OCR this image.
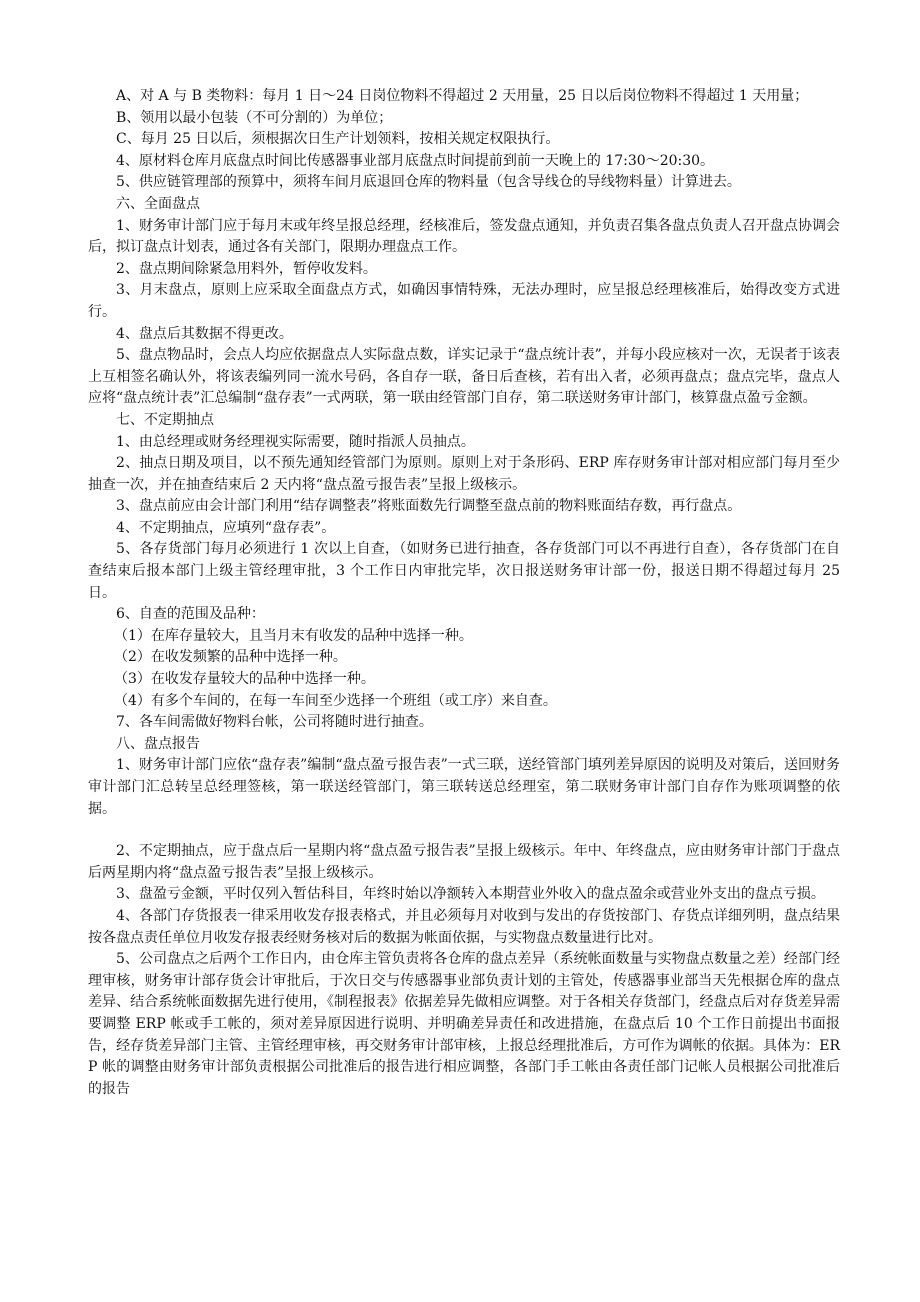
A、对 A 与 B 类物料：每月 1 日～24 日岗位物料不得超过 2 天用量，25 日以后岗位物料不得超过 1 天用量；

B、领用以最小包装（不可分割的）为单位；

C、每月 25 日以后，须根据次日生产计划领料，按相关规定权限执行。

4、原材料仓库月底盘点时间比传感器事业部月底盘点时间提前到前一天晚上的 17:30～20:30。

5、供应链管理部的预算中，须将车间月底退回仓库的物料量（包含导线仓的导线物料量）计算进去。

六、全面盘点

1、财务审计部门应于每月末或年终呈报总经理，经核准后，签发盘点通知，并负责召集各盘点负责人召开盘点协调会后，拟订盘点计划表，通过各有关部门，限期办理盘点工作。

2、盘点期间除紧急用料外，暂停收发料。

3、月末盘点，原则上应采取全面盘点方式，如确因事情特殊，无法办理时，应呈报总经理核准后，始得改变方式进行。

4、盘点后其数据不得更改。

5、盘点物品时，会点人均应依据盘点人实际盘点数，详实记录于“盘点统计表”，并每小段应核对一次，无误者于该表上互相签名确认外，将该表编列同一流水号码，各自存一联，备日后查核，若有出入者，必须再盘点；盘点完毕，盘点人应将“盘点统计表”汇总编制“盘存表”一式两联，第一联由经管部门自存，第二联送财务审计部门，核算盘点盈亏金额。

七、不定期抽点

1、由总经理或财务经理视实际需要，随时指派人员抽点。

2、抽点日期及项目，以不预先通知经管部门为原则。原则上对于条形码、ERP 库存财务审计部对相应部门每月至少抽查一次，并在抽查结束后 2 天内将“盘点盈亏报告表”呈报上级核示。

3、盘点前应由会计部门利用“结存调整表”将账面数先行调整至盘点前的物料账面结存数，再行盘点。

4、不定期抽点，应填列“盘存表”。

5、各存货部门每月必须进行 1 次以上自查，（如财务已进行抽查，各存货部门可以不再进行自查），各存货部门在自查结束后报本部门上级主管经理审批，3 个工作日内审批完毕，次日报送财务审计部一份，报送日期不得超过每月 25 日。

6、自查的范围及品种：

（1）在库存量较大，且当月末有收发的品种中选择一种。

（2）在收发频繁的品种中选择一种。

（3）在收发存量较大的品种中选择一种。

（4）有多个车间的，在每一车间至少选择一个班组（或工序）来自查。

7、各车间需做好物料台帐，公司将随时进行抽查。

八、盘点报告

1、财务审计部门应依“盘存表”编制“盘点盈亏报告表”一式三联，送经管部门填列差异原因的说明及对策后，送回财务审计部门汇总转呈总经理签核，第一联送经管部门，第三联转送总经理室，第二联财务审计部门自存作为账项调整的依据。

2、不定期抽点，应于盘点后一星期内将“盘点盈亏报告表”呈报上级核示。年中、年终盘点，应由财务审计部门于盘点后两星期内将“盘点盈亏报告表”呈报上级核示。

3、盘盈亏金额，平时仅列入暂估科目，年终时始以净额转入本期营业外收入的盘点盈余或营业外支出的盘点亏损。

4、各部门存货报表一律采用收发存报表格式，并且必须每月对收到与发出的存货按部门、存货点详细列明，盘点结果按各盘点责任单位月收发存报表经财务核对后的数据为帐面依据，与实物盘点数量进行比对。

5、公司盘点之后两个工作日内，由仓库主管负责将各仓库的盘点差异（系统帐面数量与实物盘点数量之差）经部门经理审核，财务审计部存货会计审批后，于次日交与传感器事业部负责计划的主管处，传感器事业部当天先根据仓库的盘点差异、结合系统帐面数据先进行使用，《制程报表》依据差异先做相应调整。对于各相关存货部门，经盘点后对存货差异需要调整 ERP 帐或手工帐的，须对差异原因进行说明、并明确差异责任和改进措施，在盘点后 10 个工作日前提出书面报告，经存货差异部门主管、主管经理审核，再交财务审计部审核，上报总经理批准后，方可作为调帐的依据。具体为：ERP 帐的调整由财务审计部负责根据公司批准后的报告进行相应调整，各部门手工帐由各责任部门记帐人员根据公司批准后的报告
